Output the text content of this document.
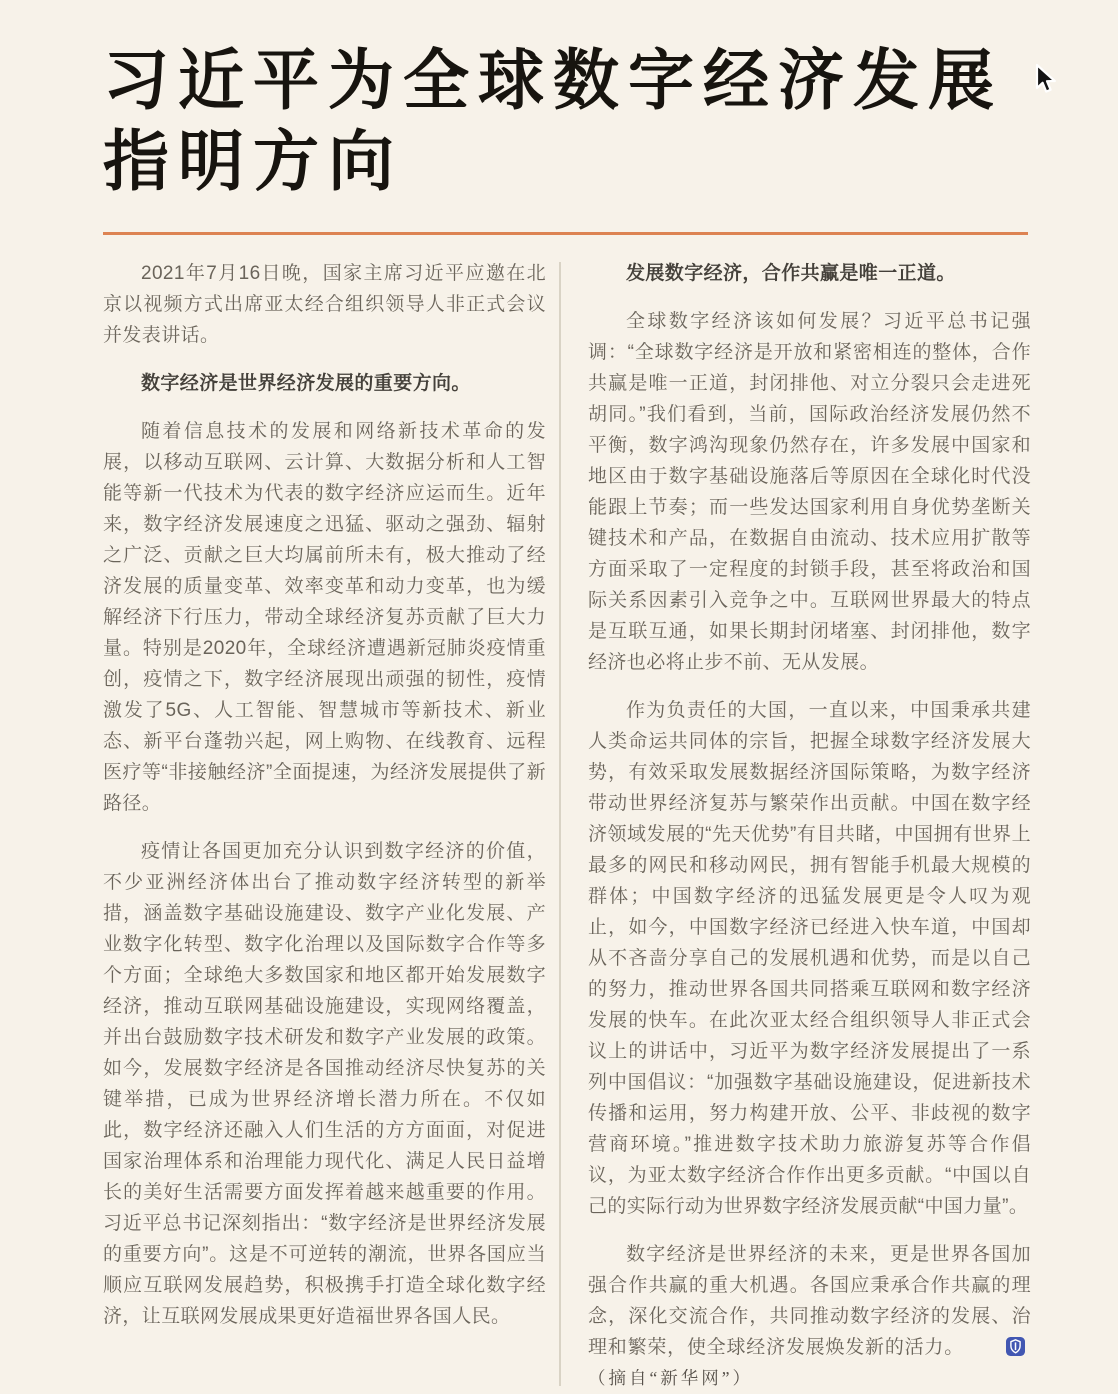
习近平为全球数字经济发展
指明方向

2021年7月16日晚，国家主席习近平应邀在北京以视频方式出席亚太经合组织领导人非正式会议并发表讲话。

数字经济是世界经济发展的重要方向。

随着信息技术的发展和网络新技术革命的发展，以移动互联网、云计算、大数据分析和人工智能等新一代技术为代表的数字经济应运而生。近年来，数字经济发展速度之迅猛、驱动之强劲、辐射之广泛、贡献之巨大均属前所未有，极大推动了经济发展的质量变革、效率变革和动力变革，也为缓解经济下行压力，带动全球经济复苏贡献了巨大力量。特别是2020年，全球经济遭遇新冠肺炎疫情重创，疫情之下，数字经济展现出顽强的韧性，疫情激发了5G、人工智能、智慧城市等新技术、新业态、新平台蓬勃兴起，网上购物、在线教育、远程医疗等“非接触经济”全面提速，为经济发展提供了新路径。

疫情让各国更加充分认识到数字经济的价值，不少亚洲经济体出台了推动数字经济转型的新举措，涵盖数字基础设施建设、数字产业化发展、产业数字化转型、数字化治理以及国际数字合作等多个方面；全球绝大多数国家和地区都开始发展数字经济，推动互联网基础设施建设，实现网络覆盖，并出台鼓励数字技术研发和数字产业发展的政策。如今，发展数字经济是各国推动经济尽快复苏的关键举措，已成为世界经济增长潜力所在。不仅如此，数字经济还融入人们生活的方方面面，对促进国家治理体系和治理能力现代化、满足人民日益增长的美好生活需要方面发挥着越来越重要的作用。习近平总书记深刻指出：“数字经济是世界经济发展的重要方向”。这是不可逆转的潮流，世界各国应当顺应互联网发展趋势，积极携手打造全球化数字经济，让互联网发展成果更好造福世界各国人民。

发展数字经济，合作共赢是唯一正道。

全球数字经济该如何发展？习近平总书记强调：“全球数字经济是开放和紧密相连的整体，合作共赢是唯一正道，封闭排他、对立分裂只会走进死胡同。”我们看到，当前，国际政治经济发展仍然不平衡，数字鸿沟现象仍然存在，许多发展中国家和地区由于数字基础设施落后等原因在全球化时代没能跟上节奏；而一些发达国家利用自身优势垄断关键技术和产品，在数据自由流动、技术应用扩散等方面采取了一定程度的封锁手段，甚至将政治和国际关系因素引入竞争之中。互联网世界最大的特点是互联互通，如果长期封闭堵塞、封闭排他，数字经济也必将止步不前、无从发展。

作为负责任的大国，一直以来，中国秉承共建人类命运共同体的宗旨，把握全球数字经济发展大势，有效采取发展数据经济国际策略，为数字经济带动世界经济复苏与繁荣作出贡献。中国在数字经济领域发展的“先天优势”有目共睹，中国拥有世界上最多的网民和移动网民，拥有智能手机最大规模的群体；中国数字经济的迅猛发展更是令人叹为观止，如今，中国数字经济已经进入快车道，中国却从不吝啬分享自己的发展机遇和优势，而是以自己的努力，推动世界各国共同搭乘互联网和数字经济发展的快车。在此次亚太经合组织领导人非正式会议上的讲话中，习近平为数字经济发展提出了一系列中国倡议：“加强数字基础设施建设，促进新技术传播和运用，努力构建开放、公平、非歧视的数字营商环境。”推进数字技术助力旅游复苏等合作倡议，为亚太数字经济合作作出更多贡献。“中国以自己的实际行动为世界数字经济发展贡献“中国力量”。

数字经济是世界经济的未来，更是世界各国加强合作共赢的重大机遇。各国应秉承合作共赢的理念，深化交流合作，共同推动数字经济的发展、治理和繁荣，使全球经济发展焕发新的活力。（摘自“新华网”）
